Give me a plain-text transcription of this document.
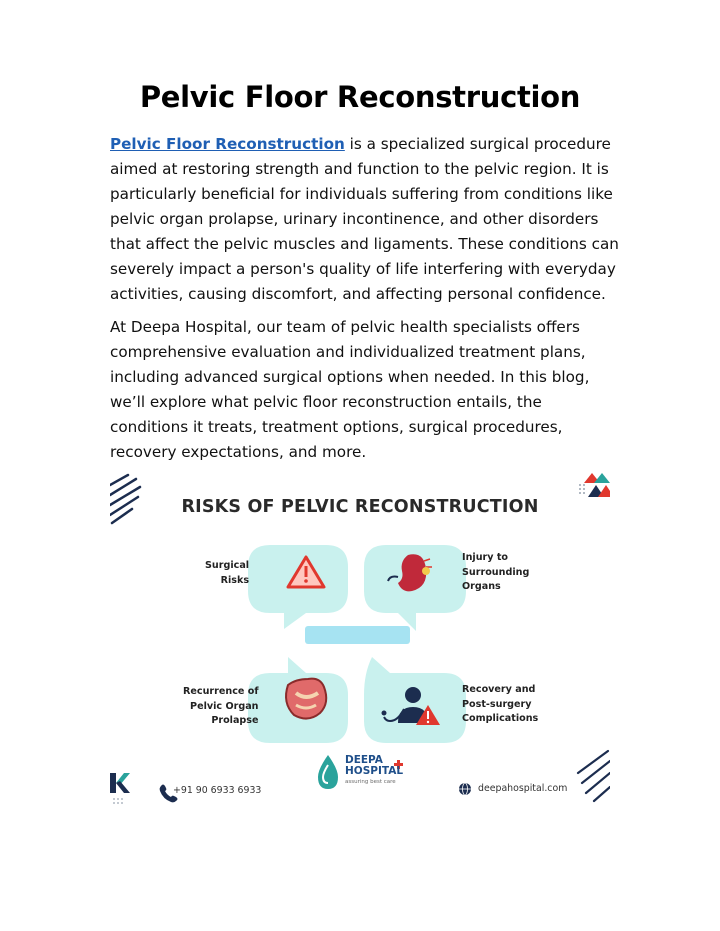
Pelvic Floor Reconstruction

Pelvic Floor Reconstruction is a specialized surgical procedure aimed at restoring strength and function to the pelvic region. It is particularly beneficial for individuals suffering from conditions like pelvic organ prolapse, urinary incontinence, and other disorders that affect the pelvic muscles and ligaments. These conditions can severely impact a person's quality of life interfering with everyday activities, causing discomfort, and affecting personal confidence.

At Deepa Hospital, our team of pelvic health specialists offers comprehensive evaluation and individualized treatment plans, including advanced surgical options when needed. In this blog, we’ll explore what pelvic floor reconstruction entails, the conditions it treats, treatment options, surgical procedures, recovery expectations, and more.

RISKS OF PELVIC RECONSTRUCTION
Surgical
Risks
Injury to
Surrounding
Organs
Recurrence of
Pelvic Organ
Prolapse
Recovery and
Post-surgery
Complications
DEEPA
HOSPITAL
assuring best care
+91 90 6933 6933	deepahospital.com
